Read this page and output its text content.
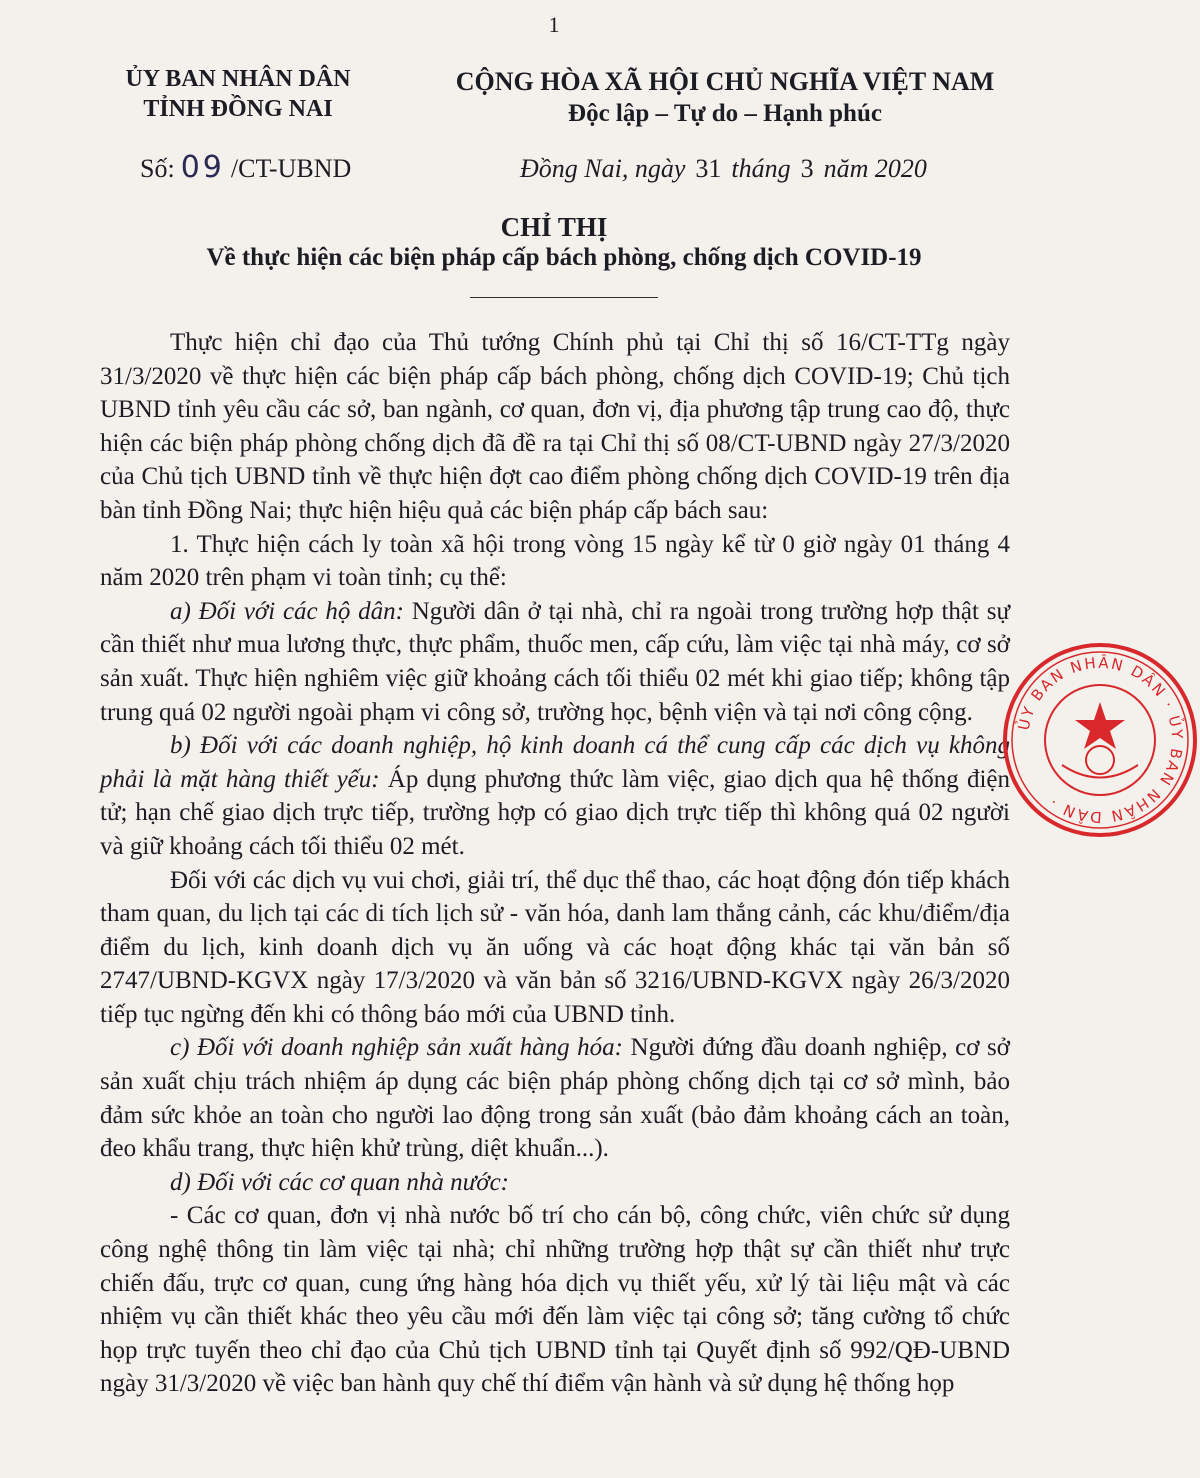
1
ỦY BAN NHÂN DÂN
TỈNH ĐỒNG NAI
CỘNG HÒA XÃ HỘI CHỦ NGHĨA VIỆT NAM
Độc lập – Tự do – Hạnh phúc
Số: 09 /CT-UBND	Đồng Nai, ngày 31 tháng 3 năm 2020
CHỈ THỊ
Về thực hiện các biện pháp cấp bách phòng, chống dịch COVID-19

Thực hiện chỉ đạo của Thủ tướng Chính phủ tại Chỉ thị số 16/CT-TTg ngày 31/3/2020 về thực hiện các biện pháp cấp bách phòng, chống dịch COVID-19; Chủ tịch UBND tỉnh yêu cầu các sở, ban ngành, cơ quan, đơn vị, địa phương tập trung cao độ, thực hiện các biện pháp phòng chống dịch đã đề ra tại Chỉ thị số 08/CT-UBND ngày 27/3/2020 của Chủ tịch UBND tỉnh về thực hiện đợt cao điểm phòng chống dịch COVID-19 trên địa bàn tỉnh Đồng Nai; thực hiện hiệu quả các biện pháp cấp bách sau:

1. Thực hiện cách ly toàn xã hội trong vòng 15 ngày kể từ 0 giờ ngày 01 tháng 4 năm 2020 trên phạm vi toàn tỉnh; cụ thể:

a) Đối với các hộ dân: Người dân ở tại nhà, chỉ ra ngoài trong trường hợp thật sự cần thiết như mua lương thực, thực phẩm, thuốc men, cấp cứu, làm việc tại nhà máy, cơ sở sản xuất. Thực hiện nghiêm việc giữ khoảng cách tối thiểu 02 mét khi giao tiếp; không tập trung quá 02 người ngoài phạm vi công sở, trường học, bệnh viện và tại nơi công cộng.

b) Đối với các doanh nghiệp, hộ kinh doanh cá thể cung cấp các dịch vụ không phải là mặt hàng thiết yếu: Áp dụng phương thức làm việc, giao dịch qua hệ thống điện tử; hạn chế giao dịch trực tiếp, trường hợp có giao dịch trực tiếp thì không quá 02 người và giữ khoảng cách tối thiểu 02 mét.

Đối với các dịch vụ vui chơi, giải trí, thể dục thể thao, các hoạt động đón tiếp khách tham quan, du lịch tại các di tích lịch sử - văn hóa, danh lam thắng cảnh, các khu/điểm/địa điểm du lịch, kinh doanh dịch vụ ăn uống và các hoạt động khác tại văn bản số 2747/UBND-KGVX ngày 17/3/2020 và văn bản số 3216/UBND-KGVX ngày 26/3/2020 tiếp tục ngừng đến khi có thông báo mới của UBND tỉnh.

c) Đối với doanh nghiệp sản xuất hàng hóa: Người đứng đầu doanh nghiệp, cơ sở sản xuất chịu trách nhiệm áp dụng các biện pháp phòng chống dịch tại cơ sở mình, bảo đảm sức khỏe an toàn cho người lao động trong sản xuất (bảo đảm khoảng cách an toàn, đeo khẩu trang, thực hiện khử trùng, diệt khuẩn...).

d) Đối với các cơ quan nhà nước:

- Các cơ quan, đơn vị nhà nước bố trí cho cán bộ, công chức, viên chức sử dụng công nghệ thông tin làm việc tại nhà; chỉ những trường hợp thật sự cần thiết như trực chiến đấu, trực cơ quan, cung ứng hàng hóa dịch vụ thiết yếu, xử lý tài liệu mật và các nhiệm vụ cần thiết khác theo yêu cầu mới đến làm việc tại công sở; tăng cường tổ chức họp trực tuyến theo chỉ đạo của Chủ tịch UBND tỉnh tại Quyết định số 992/QĐ-UBND ngày 31/3/2020 về việc ban hành quy chế thí điểm vận hành và sử dụng hệ thống họp

ỦY BAN NHÂN DÂN · ỦY BAN NHÂN DÂN ·
